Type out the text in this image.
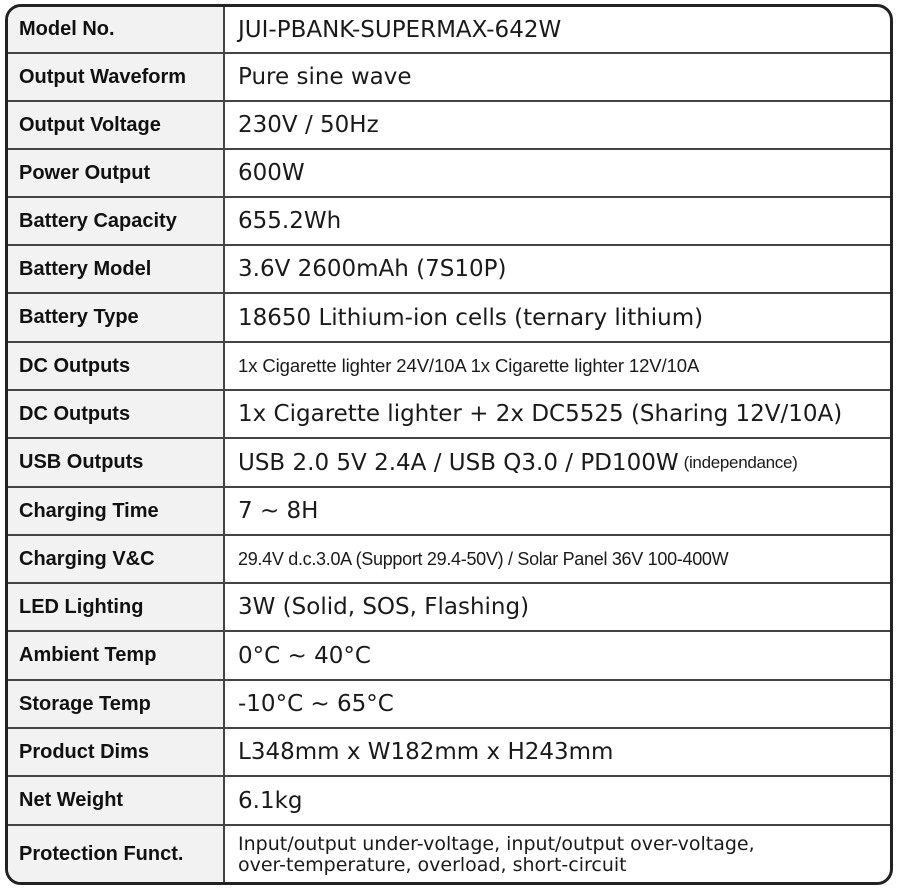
Model No.	JUI-PBANK-SUPERMAX-642W
Output Waveform	Pure sine wave
Output Voltage	230V / 50Hz
Power Output	600W
Battery Capacity	655.2Wh
Battery Model	3.6V 2600mAh (7S10P)
Battery Type	18650 Lithium-ion cells (ternary lithium)
DC Outputs	1x Cigarette lighter 24V/10A 1x Cigarette lighter 12V/10A
DC Outputs	1x Cigarette lighter + 2x DC5525 (Sharing 12V/10A)
USB Outputs	USB 2.0 5V 2.4A / USB Q3.0 / PD100W (independance)
Charging Time	7 ~ 8H
Charging V&C	29.4V d.c.3.0A (Support 29.4-50V) / Solar Panel 36V 100-400W
LED Lighting	3W (Solid, SOS, Flashing)
Ambient Temp	0°C ~ 40°C
Storage Temp	-10°C ~ 65°C
Product Dims	L348mm x W182mm x H243mm
Net Weight	6.1kg
Protection Funct.	Input/output under-voltage, input/output over-voltage,
over-temperature, overload, short-circuit
